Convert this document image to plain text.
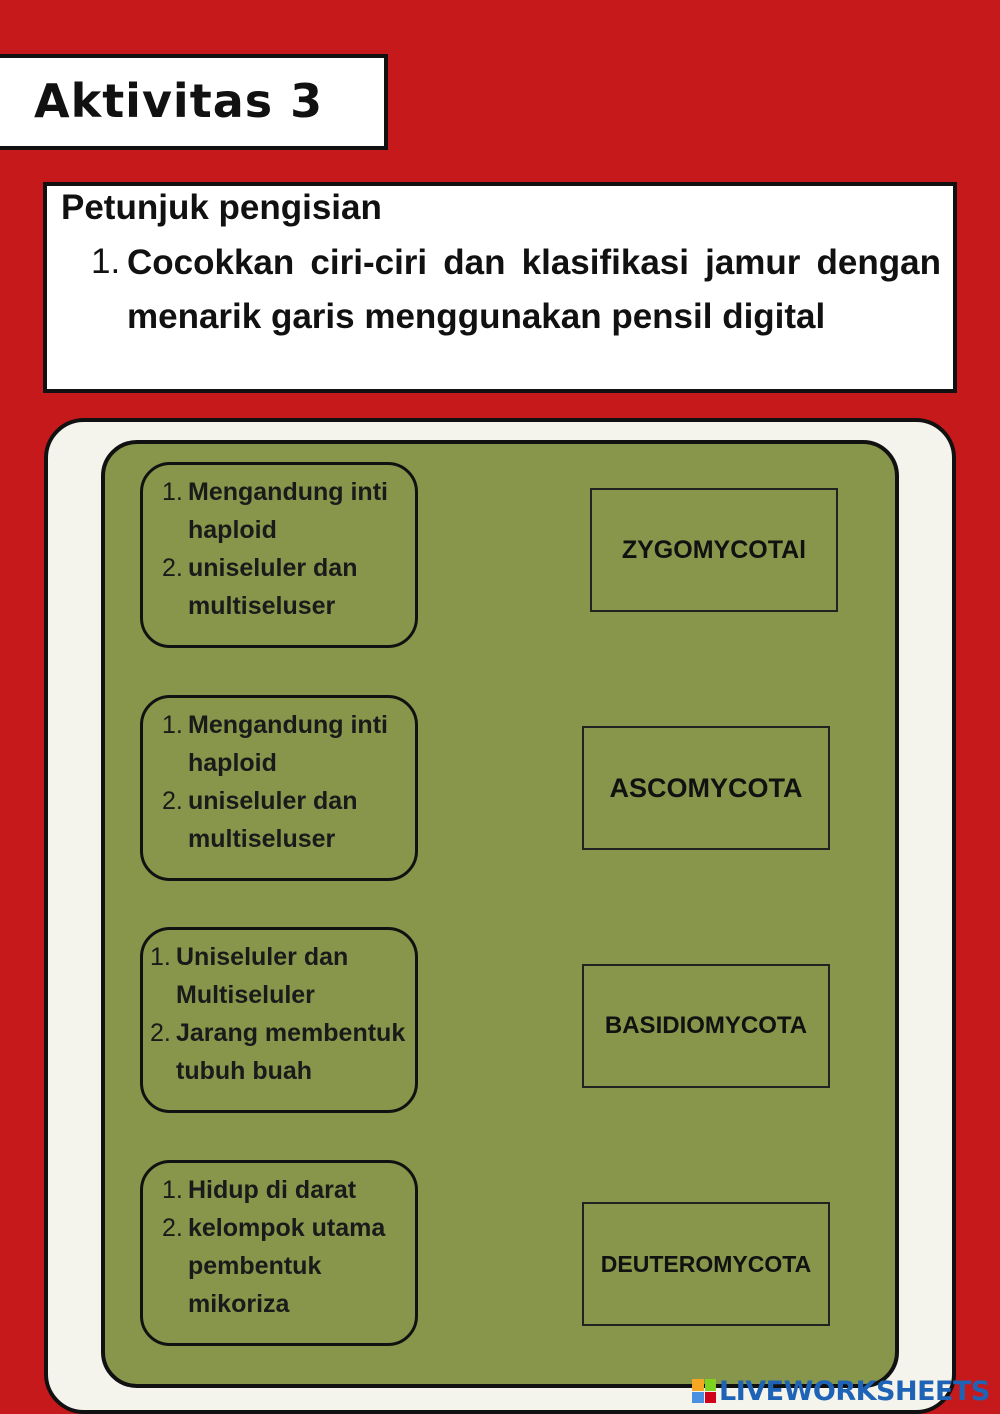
Aktivitas 3
Petunjuk pengisian
1. Cocokkan ciri-ciri dan klasifikasi jamur dengan menarik garis menggunakan pensil digital
1. Mengandung inti haploid
2. uniseluler dan multiseluser
1. Mengandung inti haploid
2. uniseluler dan multiseluser
1. Uniseluler dan Multiseluler
2. Jarang membentuk tubuh buah
1. Hidup di darat
2. kelompok utama pembentuk mikoriza
ZYGOMYCOTAl
ASCOMYCOTA
BASIDIOMYCOTA
DEUTEROMYCOTA
LIVEWORKSHEETS
